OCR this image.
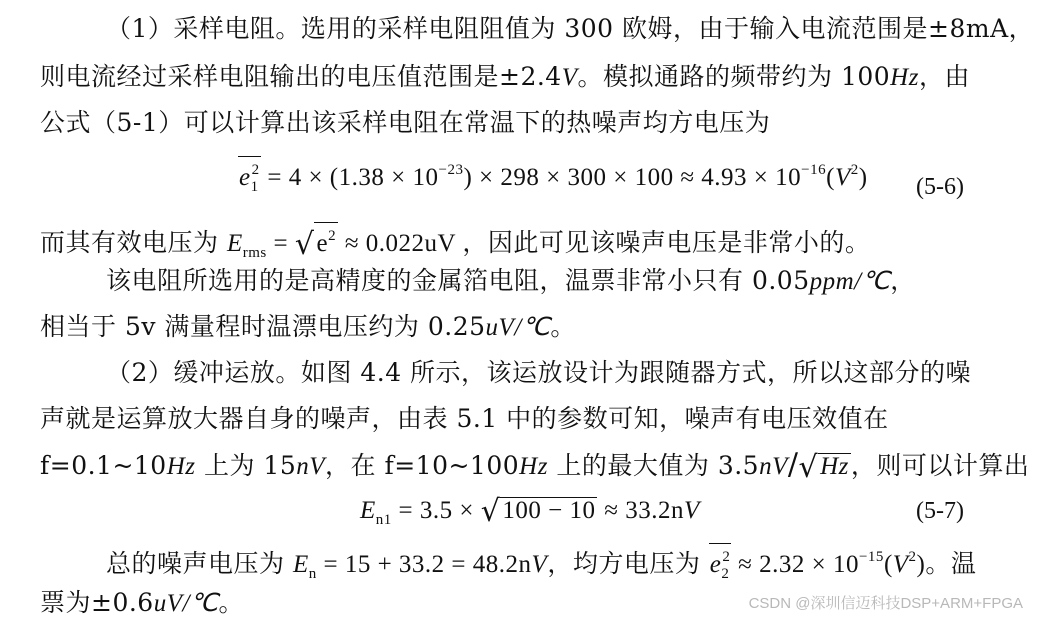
（1）采样电阻。选用的采样电阻阻值为 300 欧姆，由于输入电流范围是±8mA，
则电流经过采样电阻输出的电压值范围是±2.4V。模拟通路的频带约为 100Hz，由
公式（5-1）可以计算出该采样电阻在常温下的热噪声均方电压为
$e_1^2 = 4 \times (1.38 \times 10^{-23}) \times 298 \times 300 \times 100 \approx 4.93 \times 10^{-16}(V^2)$ (5-6)
而其有效电压为 $E_{rms} = √e^2 \approx 0.022uV$ ，因此可见该噪声电压是非常小的。
该电阻所选用的是高精度的金属箔电阻，温票非常小只有 0.05ppm/℃，
相当于 5v 满量程时温漂电压约为 0.25uV/℃。
（2）缓冲运放。如图 4.4 所示，该运放设计为跟随器方式，所以这部分的噪
声就是运算放大器自身的噪声，由表 5.1 中的参数可知，噪声有电压效值在
f=0.1~10Hz 上为 15nV，在 f=10~100Hz 上的最大值为 3.5nV/√Hz，则可以计算出
$E_{n1} = 3.5 \times √100 - 10 \approx 33.2nV$	(5-7)
总的噪声电压为 $E_n = 15 + 33.2 = 48.2nV$，均方电压为 $e_2^2 \approx 2.32 \times 10^{-15}(V^2)$。温
票为±0.6uV/℃。	CSDN @深圳信迈科技DSP+ARM+FPGA
